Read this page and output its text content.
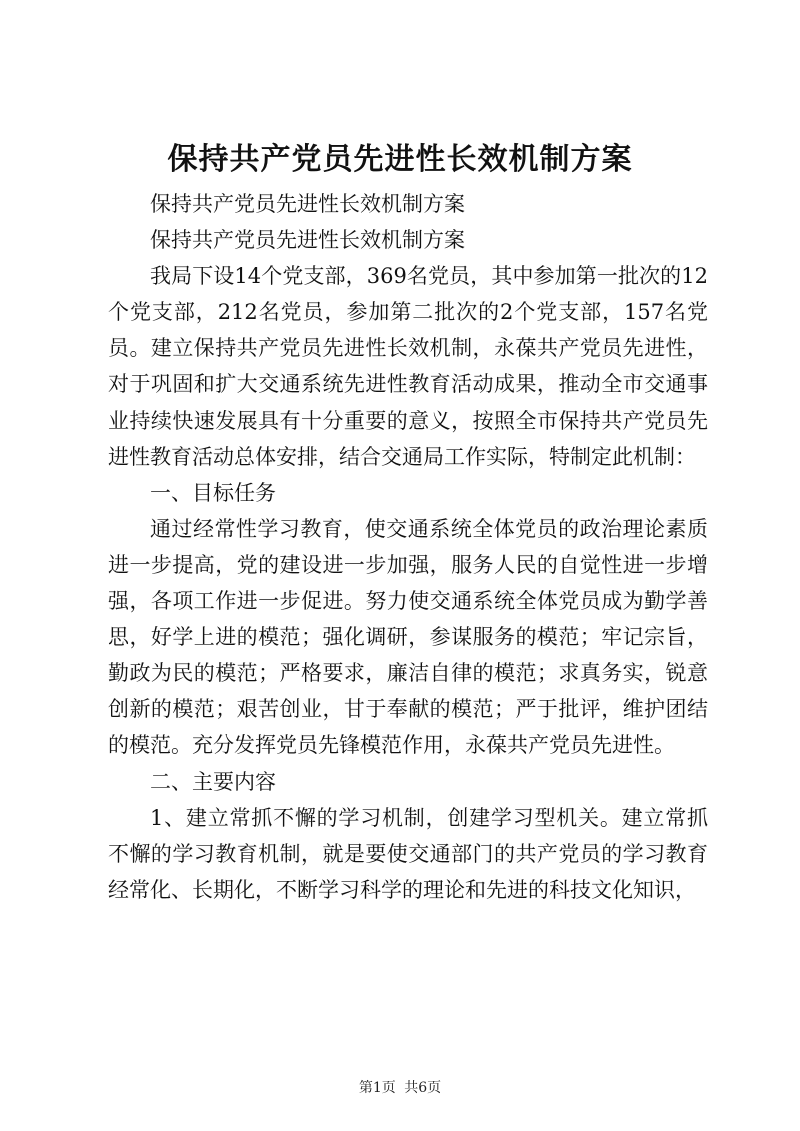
保持共产党员先进性长效机制方案

保持共产党员先进性长效机制方案

保持共产党员先进性长效机制方案

我局下设14个党支部，369名党员，其中参加第一批次的12个党支部，212名党员，参加第二批次的2个党支部，157名党员。建立保持共产党员先进性长效机制，永葆共产党员先进性，对于巩固和扩大交通系统先进性教育活动成果，推动全市交通事业持续快速发展具有十分重要的意义，按照全市保持共产党员先进性教育活动总体安排，结合交通局工作实际，特制定此机制：

一、目标任务

通过经常性学习教育，使交通系统全体党员的政治理论素质进一步提高，党的建设进一步加强，服务人民的自觉性进一步增强，各项工作进一步促进。努力使交通系统全体党员成为勤学善思，好学上进的模范；强化调研，参谋服务的模范；牢记宗旨，勤政为民的模范；严格要求，廉洁自律的模范；求真务实，锐意创新的模范；艰苦创业，甘于奉献的模范；严于批评，维护团结的模范。充分发挥党员先锋模范作用，永葆共产党员先进性。

二、主要内容

1、建立常抓不懈的学习机制，创建学习型机关。建立常抓不懈的学习教育机制，就是要使交通部门的共产党员的学习教育经常化、长期化，不断学习科学的理论和先进的科技文化知识，

第1页 共6页
